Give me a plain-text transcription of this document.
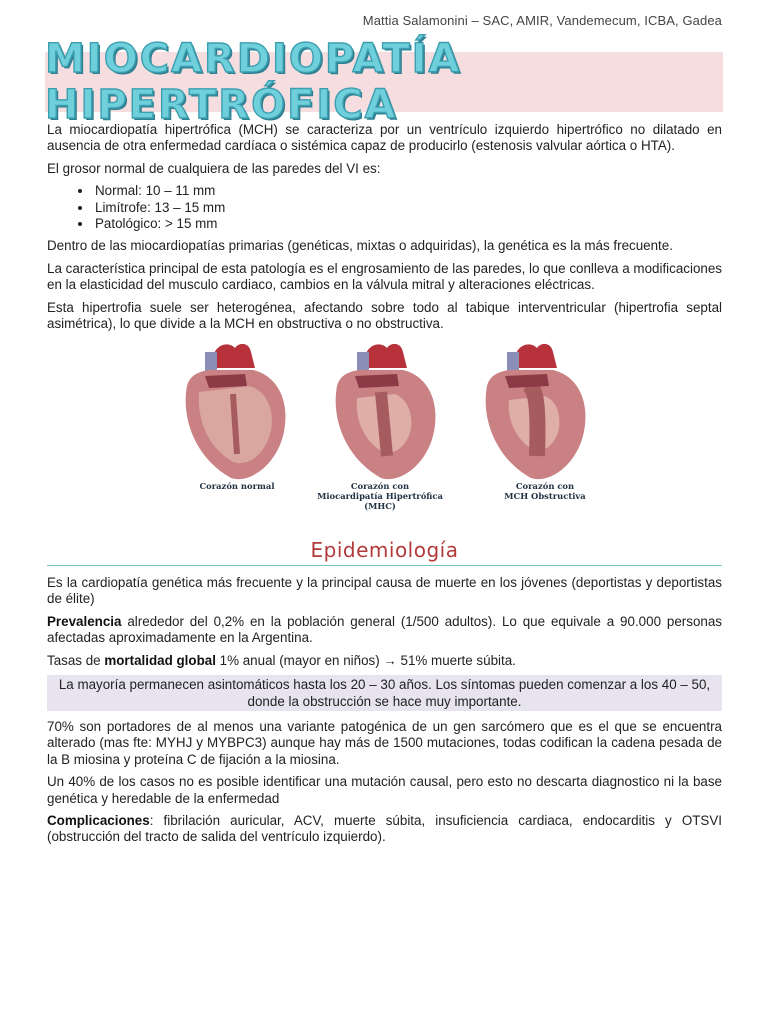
Mattia Salamonini – SAC, AMIR, Vandemecum, ICBA, Gadea
MIOCARDIOPATÍA HIPERTRÓFICA

La miocardiopatía hipertrófica (MCH) se caracteriza por un ventrículo izquierdo hipertrófico no dilatado en ausencia de otra enfermedad cardíaca o sistémica capaz de producirlo (estenosis valvular aórtica o HTA).

El grosor normal de cualquiera de las paredes del VI es:

• Normal: 10 – 11 mm
• Limítrofe: 13 – 15 mm
• Patológico: > 15 mm

Dentro de las miocardiopatías primarias (genéticas, mixtas o adquiridas), la genética es la más frecuente.

La característica principal de esta patología es el engrosamiento de las paredes, lo que conlleva a modificaciones en la elasticidad del musculo cardiaco, cambios en la válvula mitral y alteraciones eléctricas.

Esta hipertrofia suele ser heterogénea, afectando sobre todo al tabique interventricular (hipertrofia septal asimétrica), lo que divide a la MCH en obstructiva o no obstructiva.

Corazón normal	Corazón con
Miocardipatía Hipertrófica (MHC)
Corazón con
MCH Obstructiva
Epidemiología

Es la cardiopatía genética más frecuente y la principal causa de muerte en los jóvenes (deportistas y deportistas de élite)

Prevalencia alrededor del 0,2% en la población general (1/500 adultos). Lo que equivale a 90.000 personas afectadas aproximadamente en la Argentina.

Tasas de mortalidad global 1% anual (mayor en niños) → 51% muerte súbita.

La mayoría permanecen asintomáticos hasta los 20 – 30 años. Los síntomas pueden comenzar a los 40 – 50, donde la obstrucción se hace muy importante.

70% son portadores de al menos una variante patogénica de un gen sarcómero que es el que se encuentra alterado (mas fte: MYHJ y MYBPC3) aunque hay más de 1500 mutaciones, todas codifican la cadena pesada de la B miosina y proteína C de fijación a la miosina.

Un 40% de los casos no es posible identificar una mutación causal, pero esto no descarta diagnostico ni la base genética y heredable de la enfermedad

Complicaciones: fibrilación auricular, ACV, muerte súbita, insuficiencia cardiaca, endocarditis y OTSVI (obstrucción del tracto de salida del ventrículo izquierdo).
